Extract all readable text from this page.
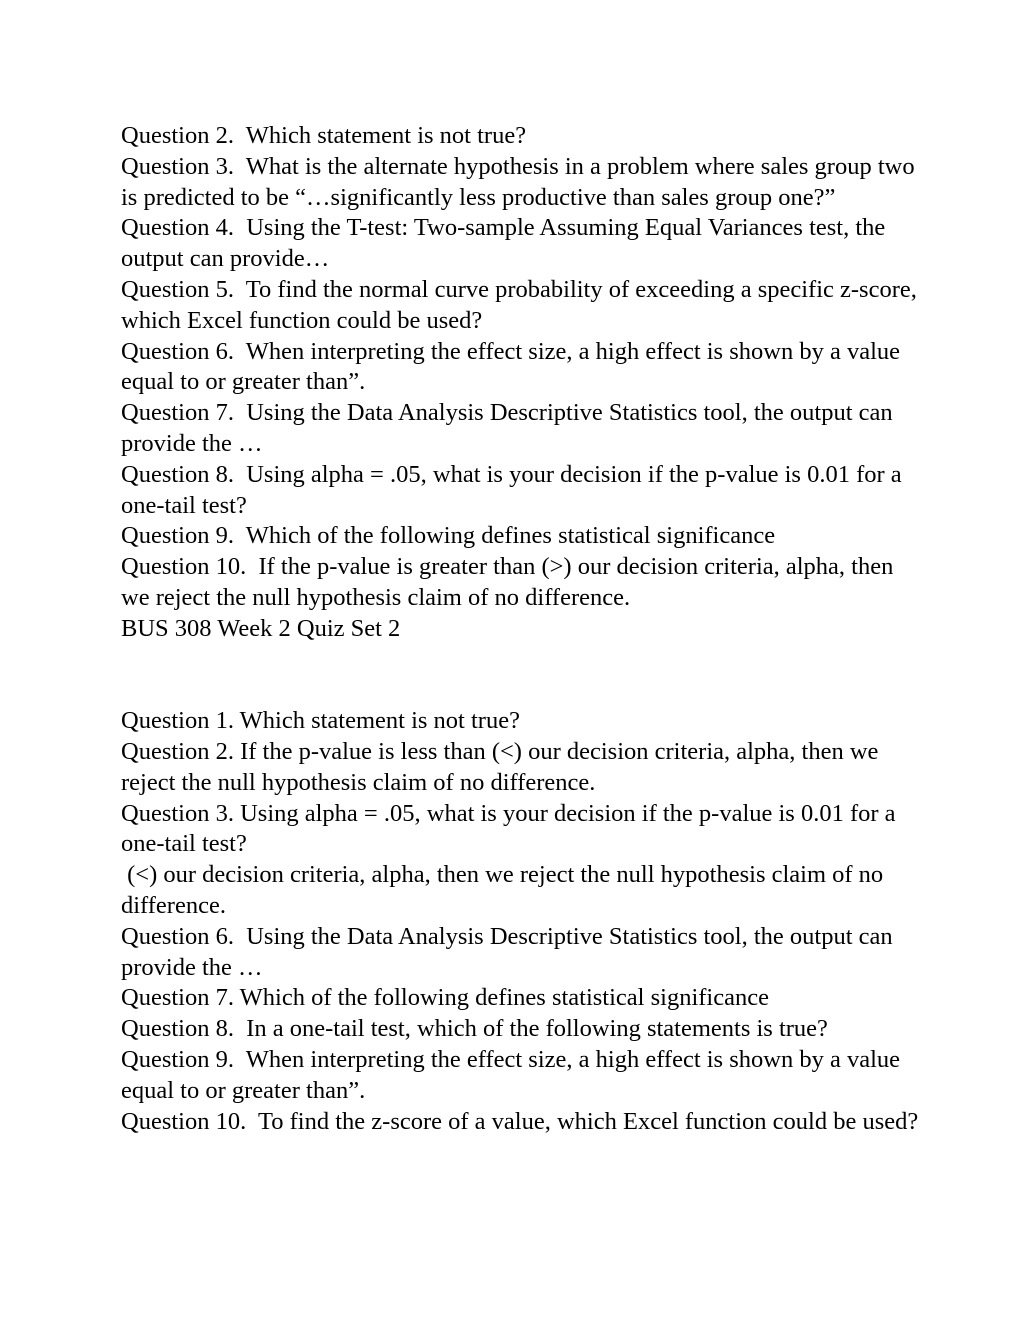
Question 2.  Which statement is not true?

Question 3.  What is the alternate hypothesis in a problem where sales group two is predicted to be “…significantly less productive than sales group one?”

Question 4.  Using the T-test: Two-sample Assuming Equal Variances test, the output can provide…

Question 5.  To find the normal curve probability of exceeding a specific z-score, which Excel function could be used?

Question 6.  When interpreting the effect size, a high effect is shown by a value equal to or greater than”.

Question 7.  Using the Data Analysis Descriptive Statistics tool, the output can provide the …

Question 8.  Using alpha = .05, what is your decision if the p-value is 0.01 for a one-tail test?

Question 9.  Which of the following defines statistical significance

Question 10.  If the p-value is greater than (>) our decision criteria, alpha, then we reject the null hypothesis claim of no difference.

BUS 308 Week 2 Quiz Set 2

Question 1. Which statement is not true?

Question 2. If the p-value is less than (<) our decision criteria, alpha, then we reject the null hypothesis claim of no difference.

Question 3. Using alpha = .05, what is your decision if the p-value is 0.01 for a one-tail test?

(<) our decision criteria, alpha, then we reject the null hypothesis claim of no difference.

Question 6.  Using the Data Analysis Descriptive Statistics tool, the output can provide the …

Question 7. Which of the following defines statistical significance

Question 8.  In a one-tail test, which of the following statements is true?

Question 9.  When interpreting the effect size, a high effect is shown by a value equal to or greater than”.

Question 10.  To find the z-score of a value, which Excel function could be used?
